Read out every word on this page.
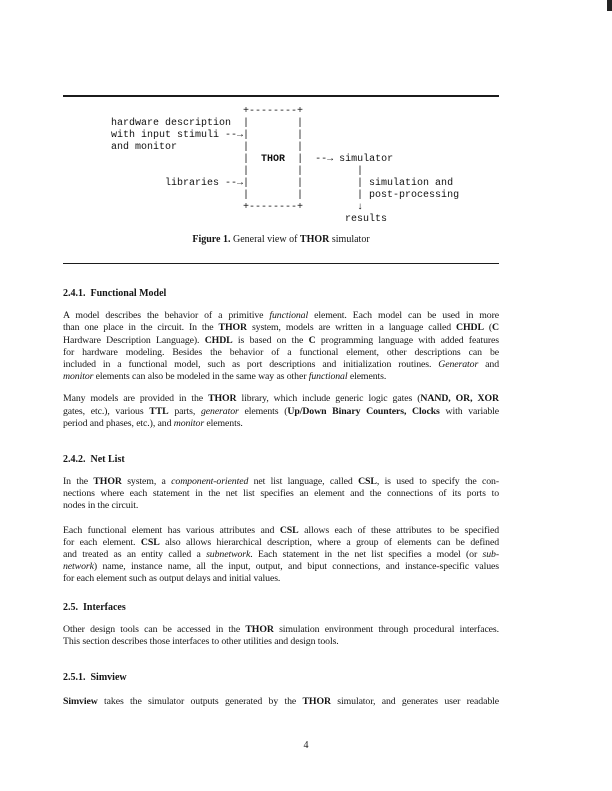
+--------+
hardware description  |        |
with input stimuli --→|        |
and monitor           |        |
|  THOR  |  --→ simulator
|        |         |
libraries --→|        |         | simulation and
|        |         | post-processing
+--------+         ↓
results
Figure 1. General view of THOR simulator
2.4.1.  Functional Model
A model describes the behavior of a primitive functional element. Each model can be used in more
than one place in the circuit. In the THOR system, models are written in a language called CHDL (C
Hardware Description Language). CHDL is based on the C programming language with added features
for hardware modeling. Besides the behavior of a functional element, other descriptions can be
included in a functional model, such as port descriptions and initialization routines. Generator and
monitor elements can also be modeled in the same way as other functional elements.
Many models are provided in the THOR library, which include generic logic gates (NAND, OR, XOR
gates, etc.), various TTL parts, generator elements (Up/Down Binary Counters, Clocks with variable
period and phases, etc.), and monitor elements.
2.4.2.  Net List
In the THOR system, a component-oriented net list language, called CSL, is used to specify the con-
nections where each statement in the net list specifies an element and the connections of its ports to
nodes in the circuit.
Each functional element has various attributes and CSL allows each of these attributes to be specified
for each element. CSL also allows hierarchical description, where a group of elements can be defined
and treated as an entity called a subnetwork. Each statement in the net list specifies a model (or sub-
network) name, instance name, all the input, output, and biput connections, and instance-specific values
for each element such as output delays and initial values.
2.5.  Interfaces
Other design tools can be accessed in the THOR simulation environment through procedural interfaces.
This section describes those interfaces to other utilities and design tools.
2.5.1.  Simview
Simview takes the simulator outputs generated by the THOR simulator, and generates user readable
4
